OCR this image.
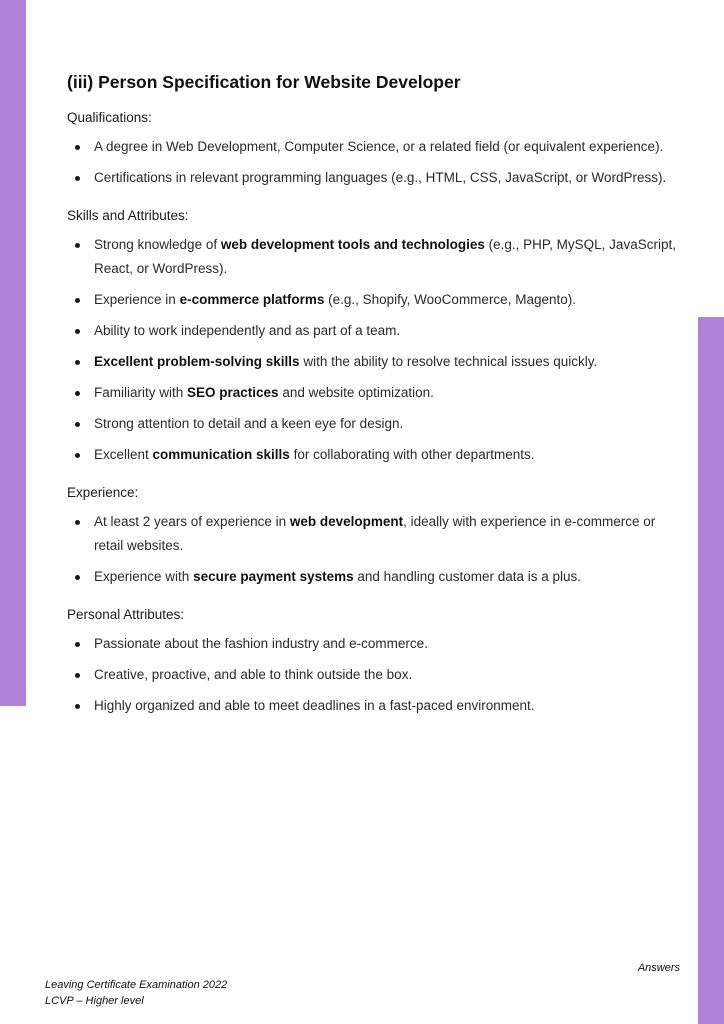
(iii) Person Specification for Website Developer
Qualifications:
A degree in Web Development, Computer Science, or a related field (or equivalent experience).
Certifications in relevant programming languages (e.g., HTML, CSS, JavaScript, or WordPress).
Skills and Attributes:
Strong knowledge of web development tools and technologies (e.g., PHP, MySQL, JavaScript, React, or WordPress).
Experience in e-commerce platforms (e.g., Shopify, WooCommerce, Magento).
Ability to work independently and as part of a team.
Excellent problem-solving skills with the ability to resolve technical issues quickly.
Familiarity with SEO practices and website optimization.
Strong attention to detail and a keen eye for design.
Excellent communication skills for collaborating with other departments.
Experience:
At least 2 years of experience in web development, ideally with experience in e-commerce or retail websites.
Experience with secure payment systems and handling customer data is a plus.
Personal Attributes:
Passionate about the fashion industry and e-commerce.
Creative, proactive, and able to think outside the box.
Highly organized and able to meet deadlines in a fast-paced environment.
Answers
Leaving Certificate Examination 2022
LCVP – Higher level
